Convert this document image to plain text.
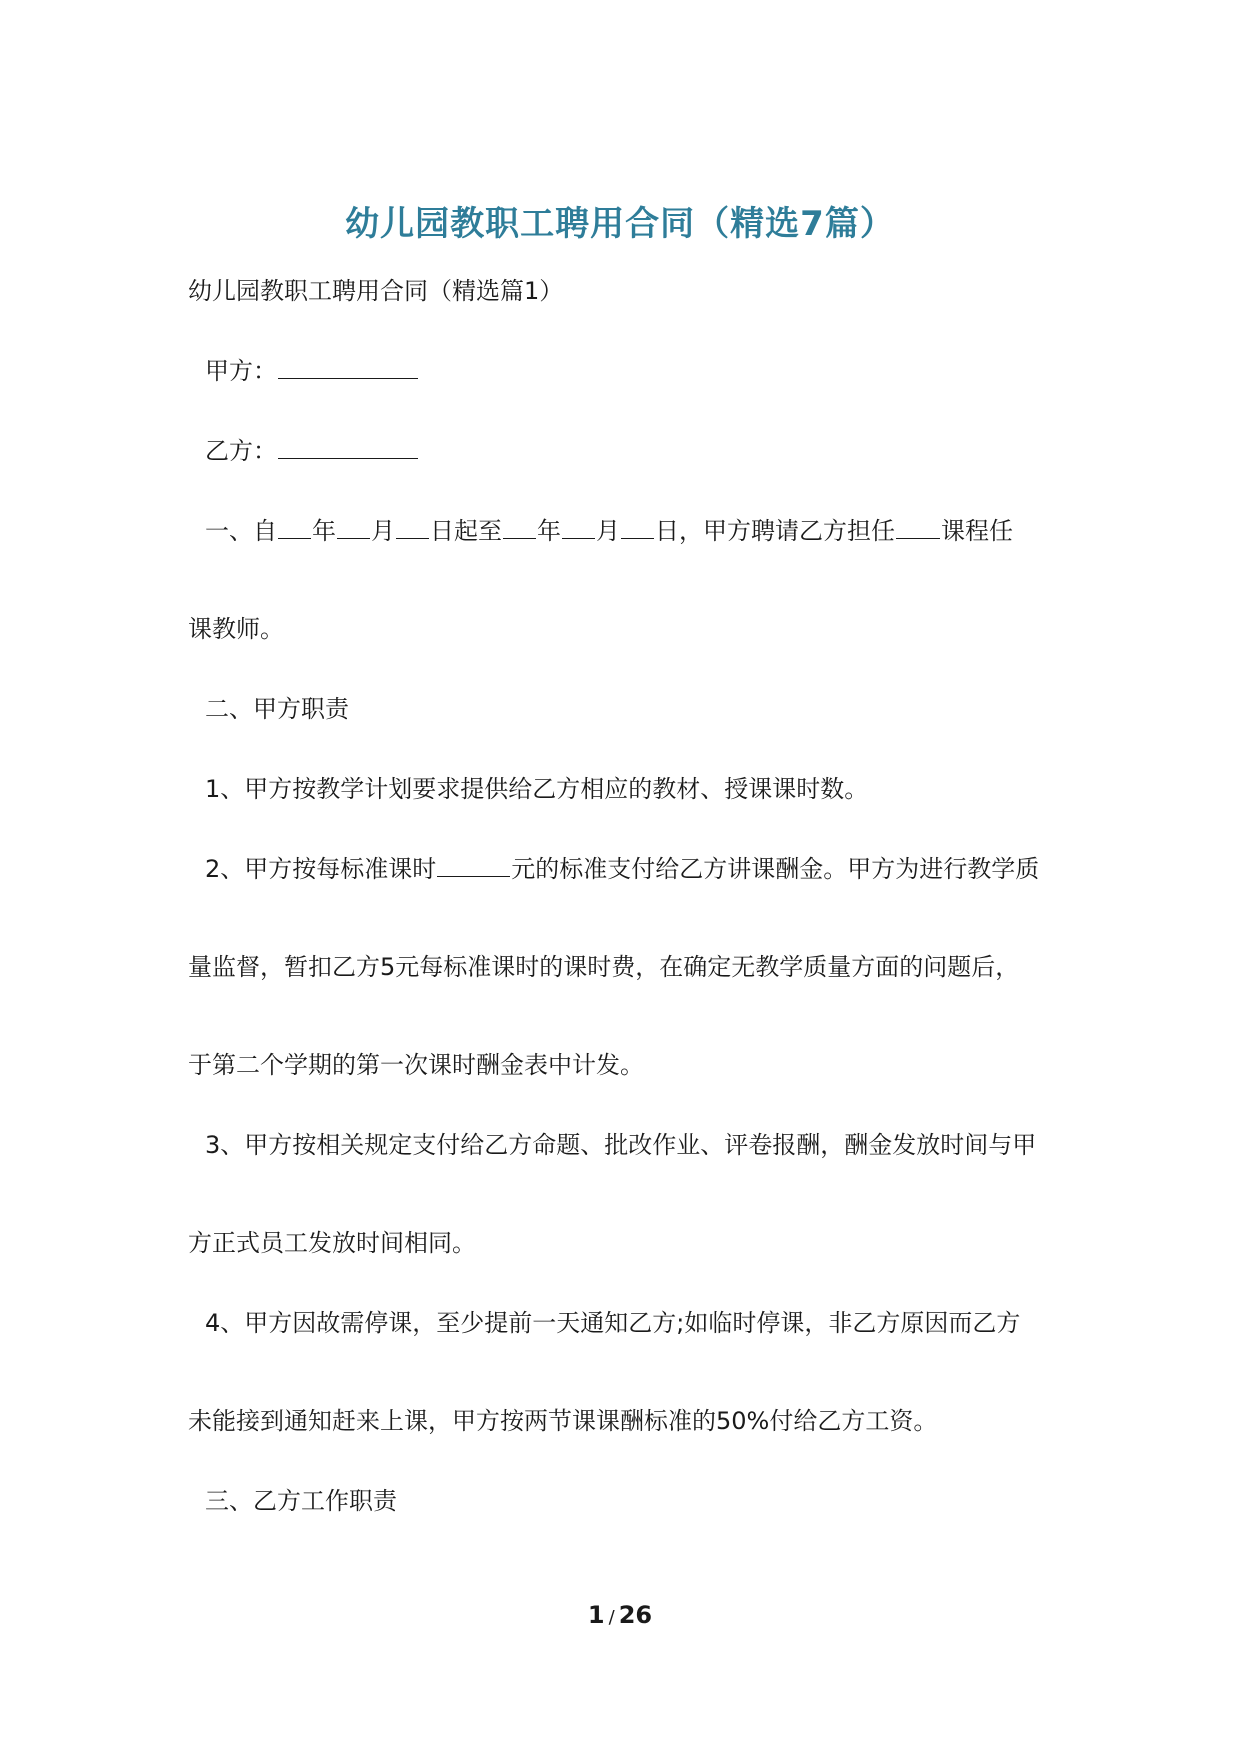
幼儿园教职工聘用合同（精选7篇）
幼儿园教职工聘用合同（精选篇1）
甲方：
乙方：
一、自 年 月 日起至 年 月 日，甲方聘请乙方担任 课程任
课教师。
二、甲方职责
1、甲方按教学计划要求提供给乙方相应的教材、授课课时数。
2、甲方按每标准课时	元的标准支付给乙方讲课酬金。甲方为进行教学质
量监督，暂扣乙方5元每标准课时的课时费，在确定无教学质量方面的问题后，
于第二个学期的第一次课时酬金表中计发。
3、甲方按相关规定支付给乙方命题、批改作业、评卷报酬，酬金发放时间与甲
方正式员工发放时间相同。
4、甲方因故需停课，至少提前一天通知乙方;如临时停课，非乙方原因而乙方
未能接到通知赶来上课，甲方按两节课课酬标准的50%付给乙方工资。
三、乙方工作职责
1 / 26
